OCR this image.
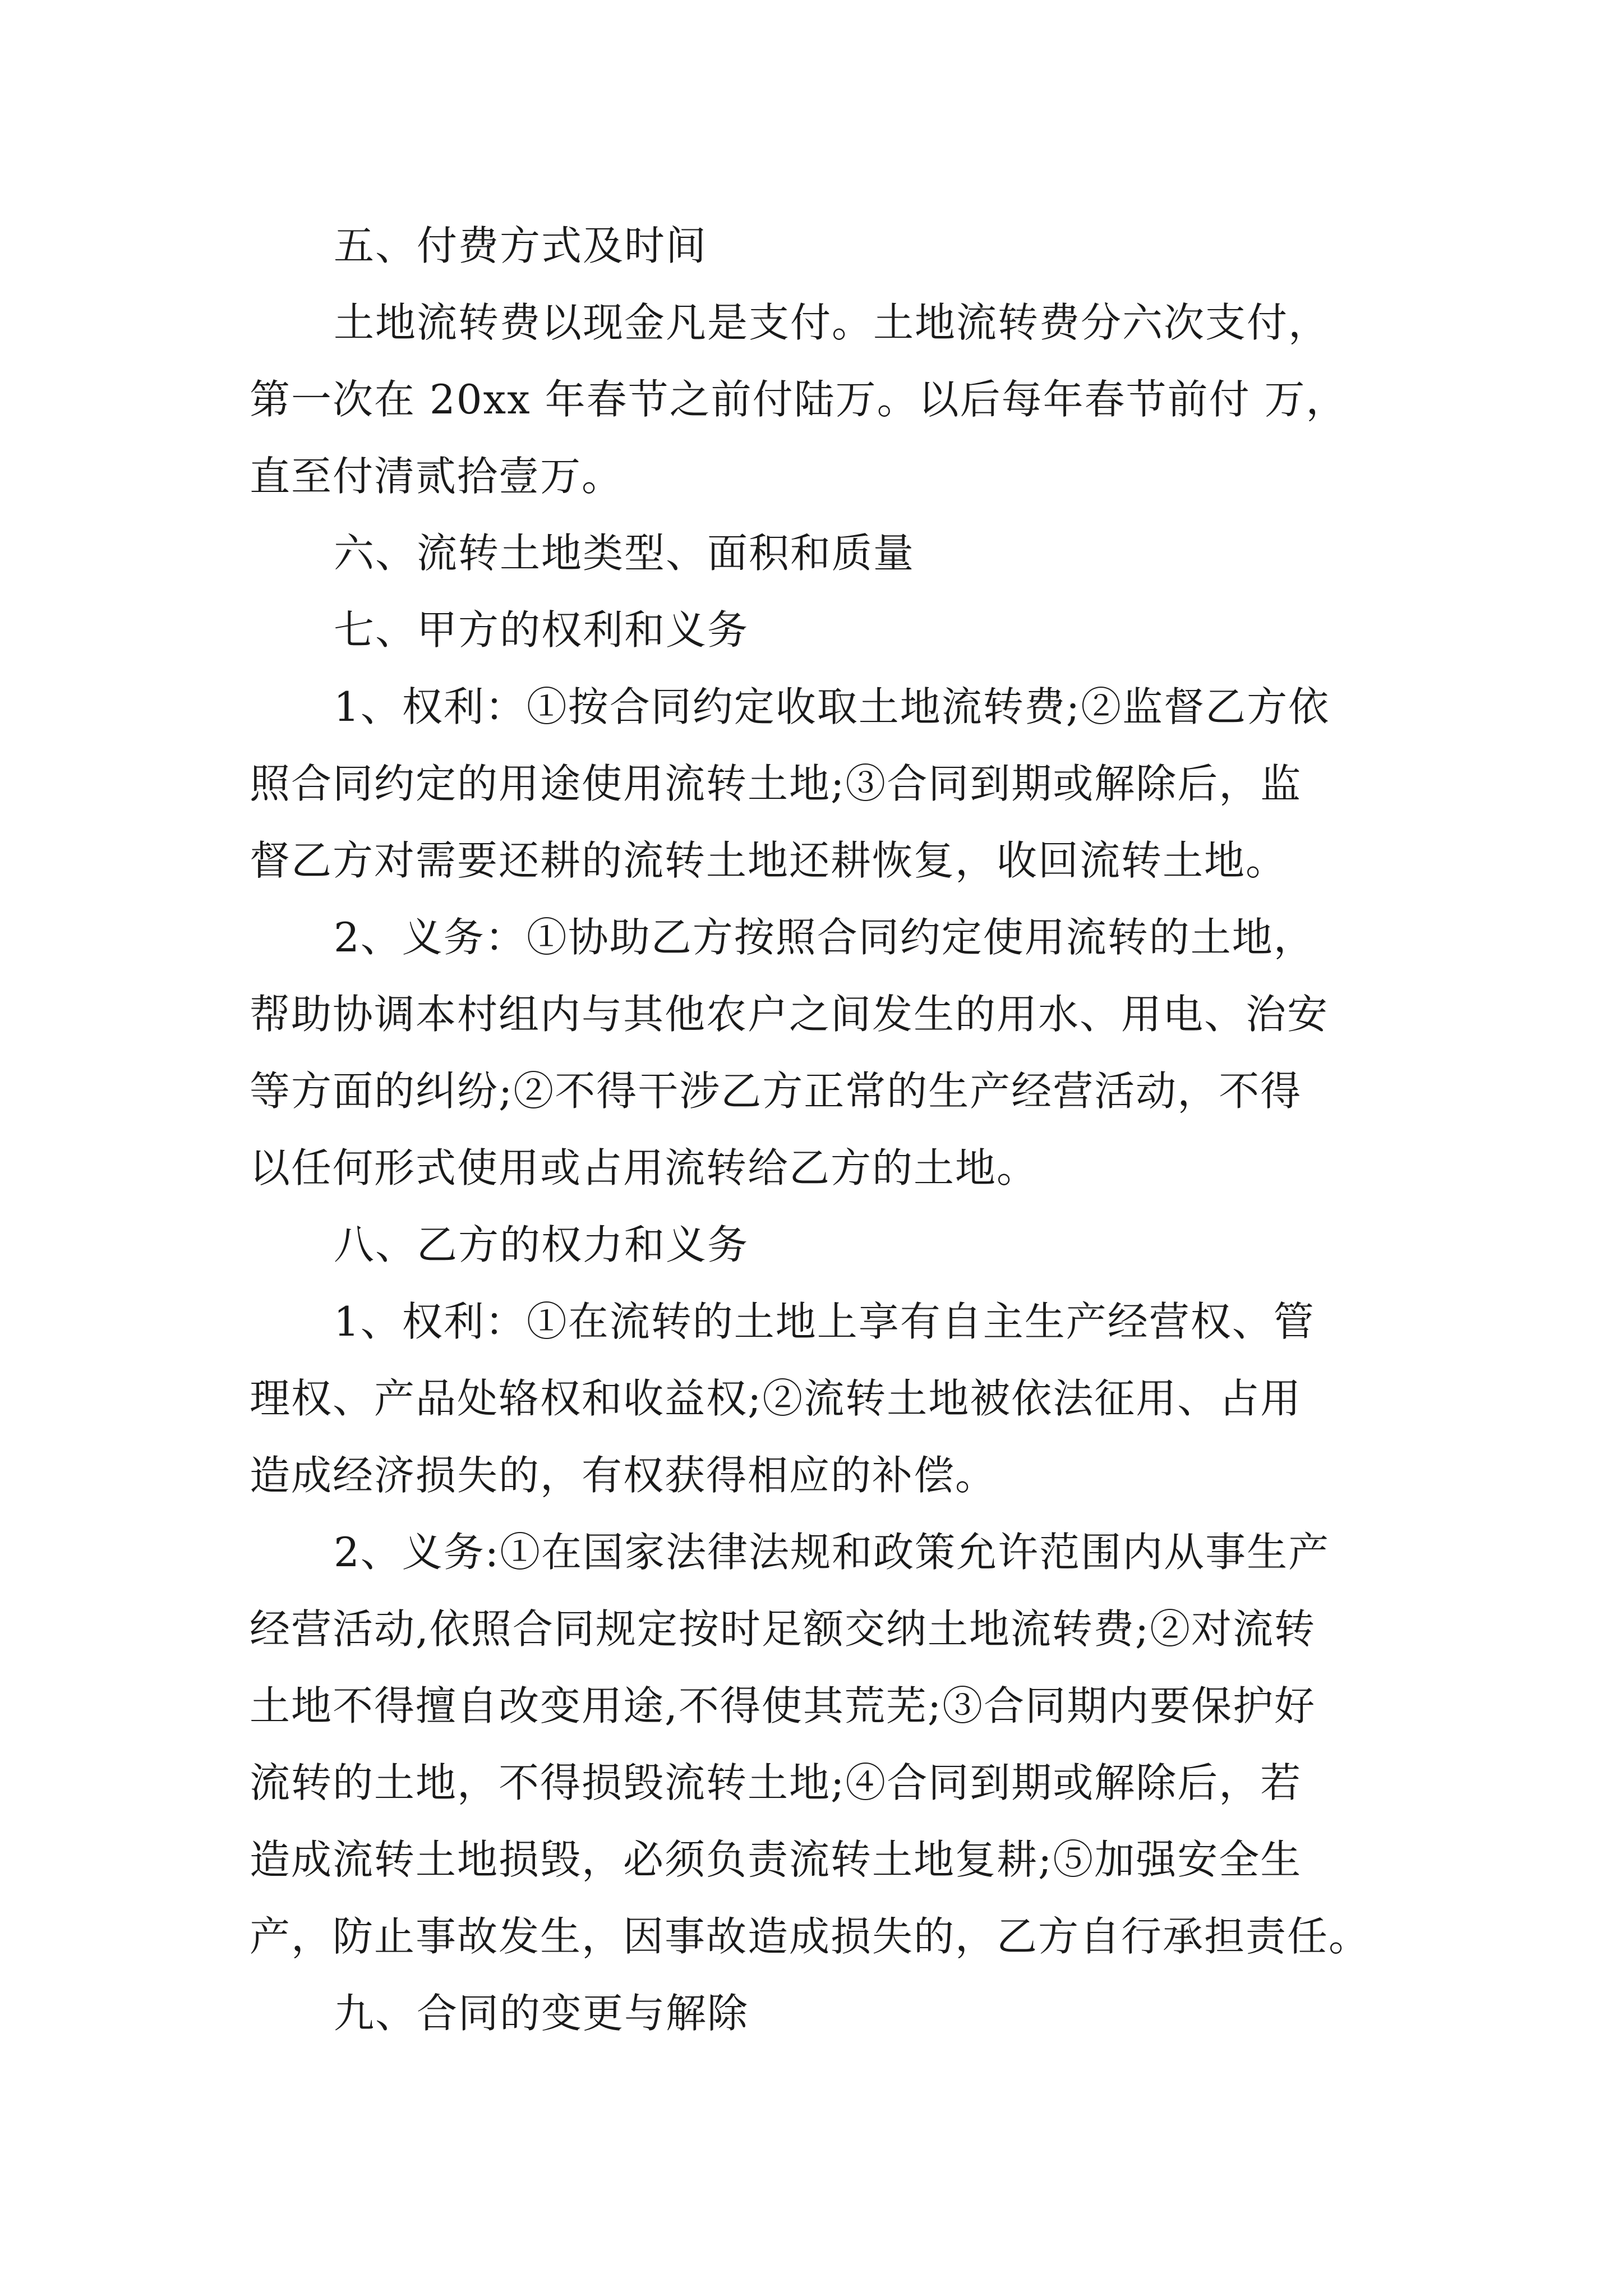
五、付费方式及时间
土地流转费以现金凡是支付。土地流转费分六次支付，
第一次在 20xx 年春节之前付陆万。以后每年春节前付 万，
直至付清贰拾壹万。
六、流转土地类型、面积和质量
七、甲方的权利和义务
1、权利：①按合同约定收取土地流转费;②监督乙方依
照合同约定的用途使用流转土地;③合同到期或解除后，监
督乙方对需要还耕的流转土地还耕恢复，收回流转土地。
2、义务：①协助乙方按照合同约定使用流转的土地，
帮助协调本村组内与其他农户之间发生的用水、用电、治安
等方面的纠纷;②不得干涉乙方正常的生产经营活动，不得
以任何形式使用或占用流转给乙方的土地。
八、乙方的权力和义务
1、权利：①在流转的土地上享有自主生产经营权、管
理权、产品处辂权和收益权;②流转土地被依法征用、占用
造成经济损失的，有权获得相应的补偿。
2、义务:①在国家法律法规和政策允许范围内从事生产
经营活动,依照合同规定按时足额交纳土地流转费;②对流转
土地不得擅自改变用途,不得使其荒芜;③合同期内要保护好
流转的土地，不得损毁流转土地;④合同到期或解除后，若
造成流转土地损毁，必须负责流转土地复耕;⑤加强安全生
产，防止事故发生，因事故造成损失的，乙方自行承担责任。
九、合同的变更与解除
